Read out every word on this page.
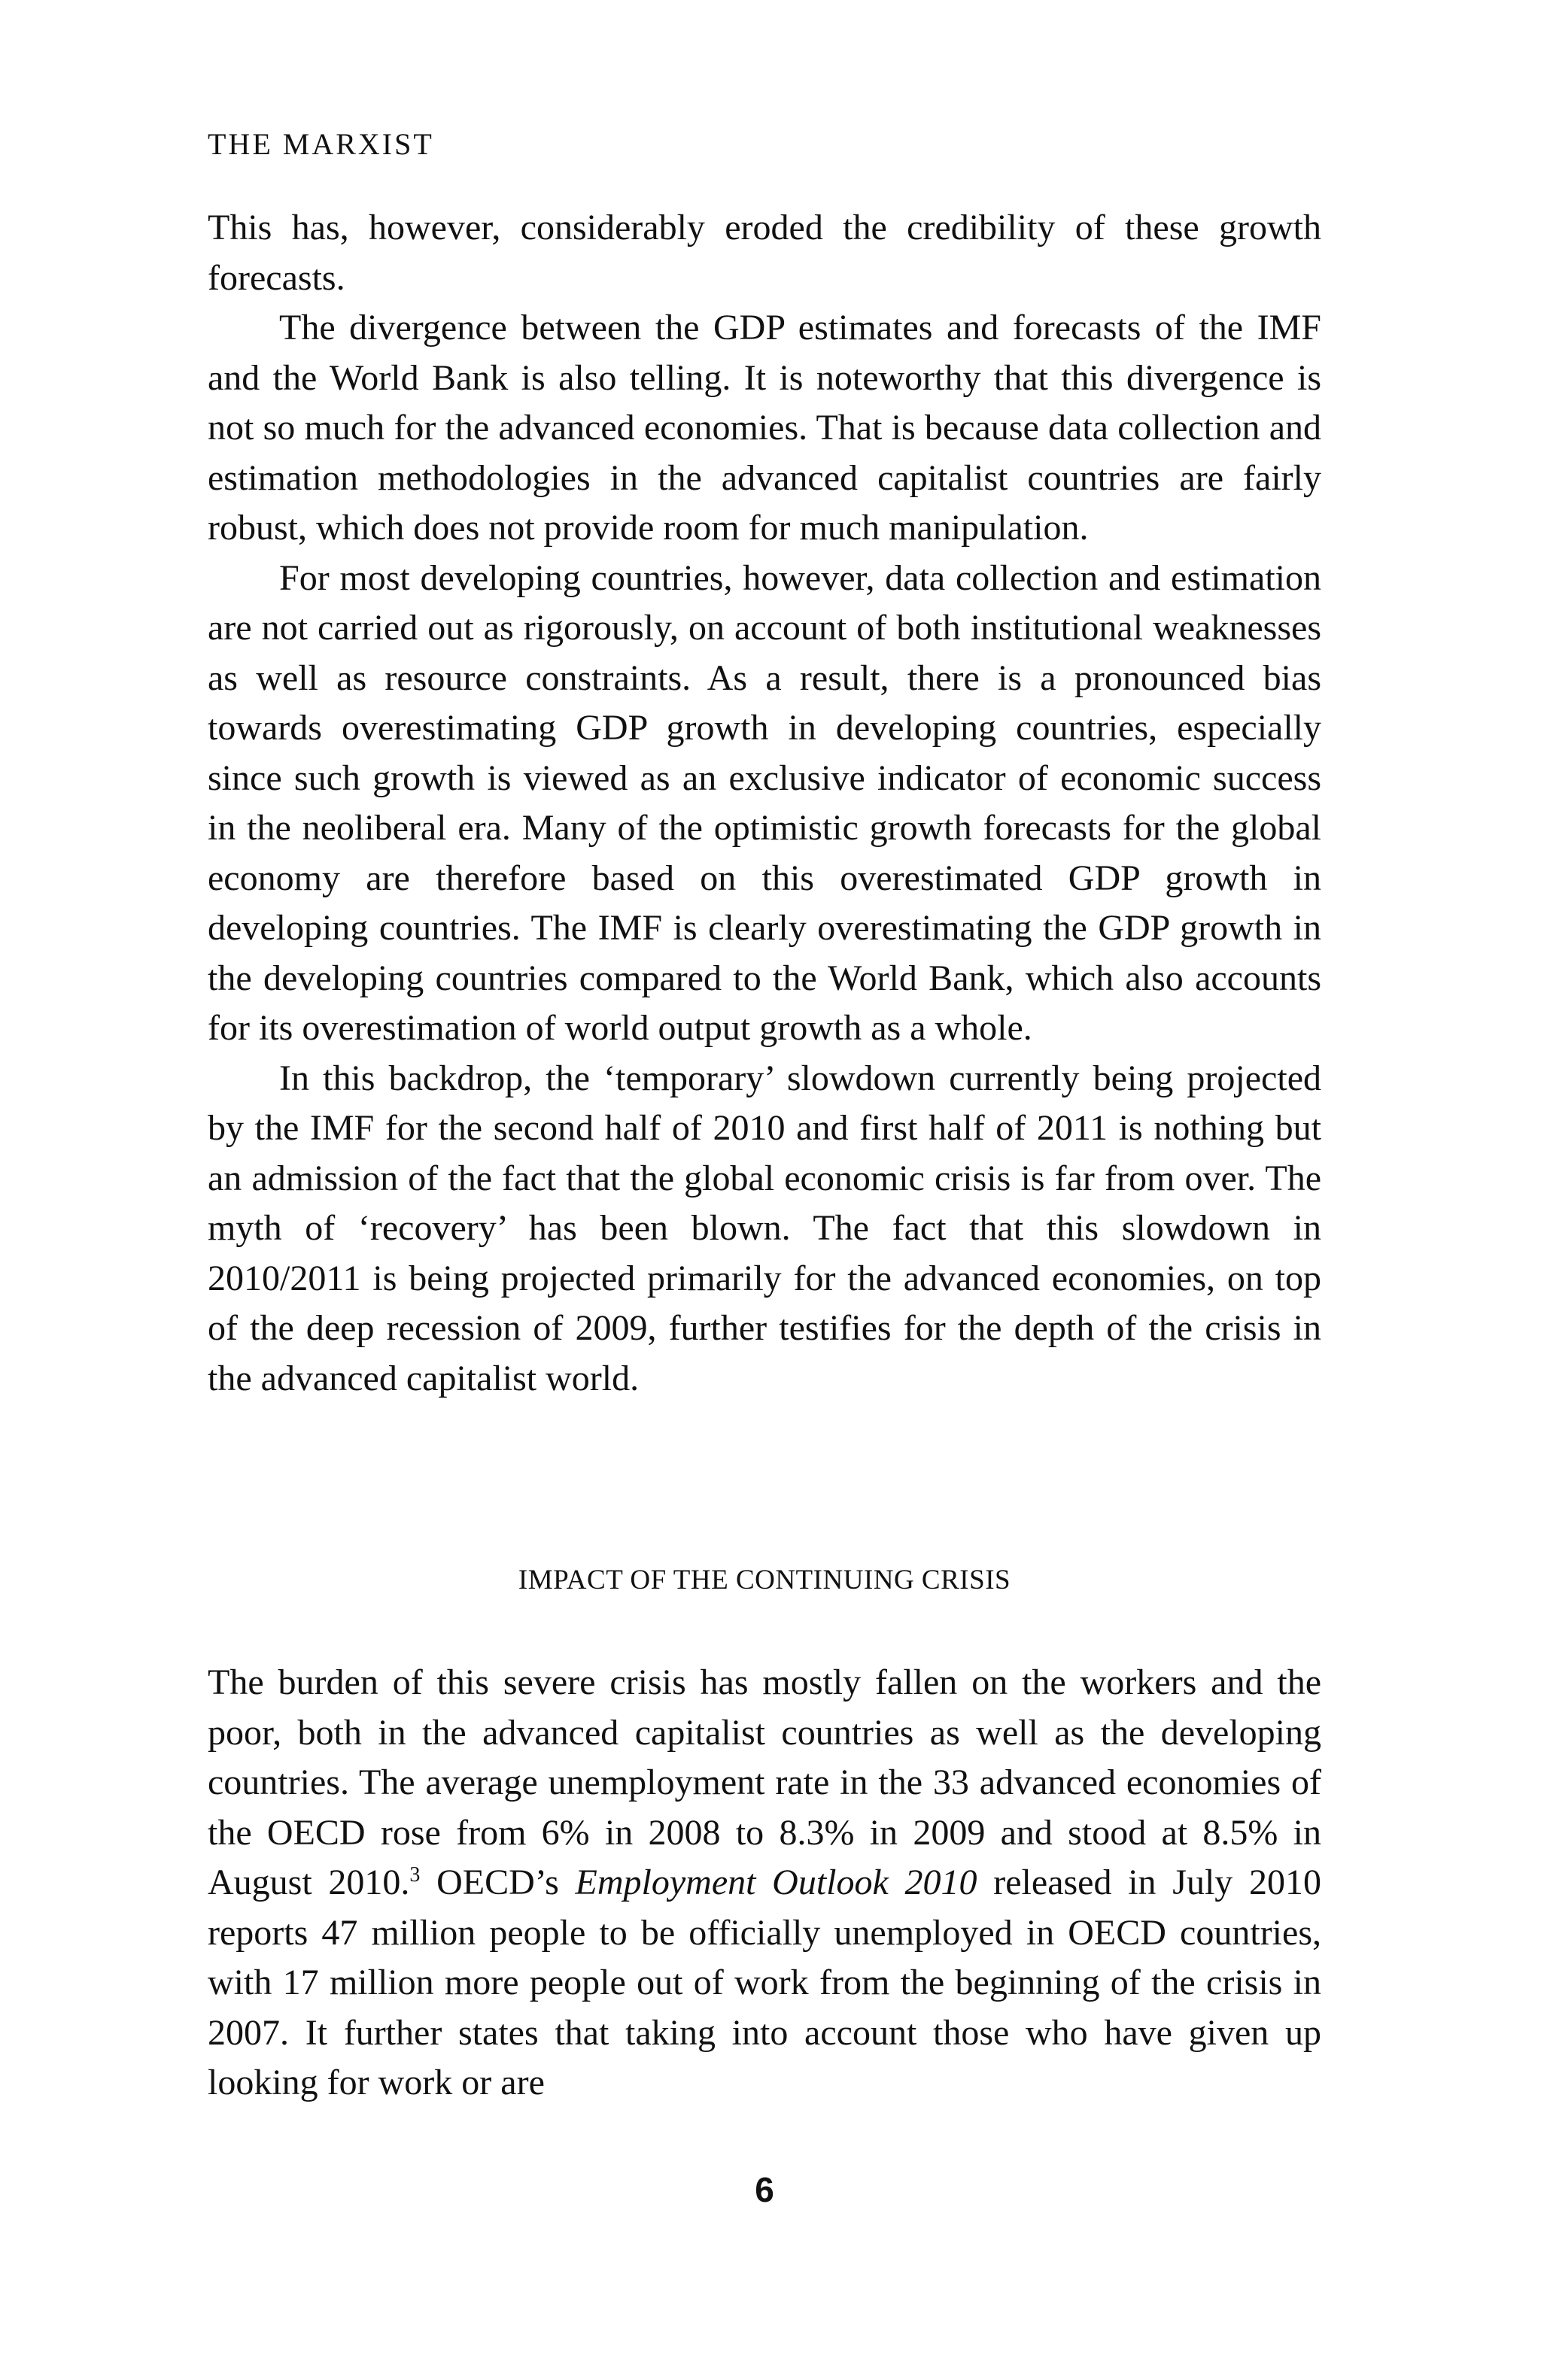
THE MARXIST

This has, however, considerably eroded the credibility of these growth forecasts.

The divergence between the GDP estimates and forecasts of the IMF and the World Bank is also telling. It is noteworthy that this divergence is not so much for the advanced economies. That is because data collection and estimation methodologies in the advanced capitalist countries are fairly robust, which does not provide room for much manipulation.

For most developing countries, however, data collection and estimation are not carried out as rigorously, on account of both institutional weaknesses as well as resource constraints. As a result, there is a pronounced bias towards overestimating GDP growth in developing countries, especially since such growth is viewed as an exclusive indicator of economic success in the neoliberal era. Many of the optimistic growth forecasts for the global economy are therefore based on this overestimated GDP growth in developing countries. The IMF is clearly overestimating the GDP growth in the developing countries compared to the World Bank, which also accounts for its overestimation of world output growth as a whole.

In this backdrop, the ‘temporary’ slowdown currently being projected by the IMF for the second half of 2010 and first half of 2011 is nothing but an admission of the fact that the global economic crisis is far from over. The myth of ‘recovery’ has been blown. The fact that this slowdown in 2010/2011 is being projected primarily for the advanced economies, on top of the deep recession of 2009, further testifies for the depth of the crisis in the advanced capitalist world.

IMPACT OF THE CONTINUING CRISIS

The burden of this severe crisis has mostly fallen on the workers and the poor, both in the advanced capitalist countries as well as the developing countries. The average unemployment rate in the 33 advanced economies of the OECD rose from 6% in 2008 to 8.3% in 2009 and stood at 8.5% in August 2010.$^3$ OECD’s Employment Outlook 2010 released in July 2010 reports 47 million people to be officially unemployed in OECD countries, with 17 million more people out of work from the beginning of the crisis in 2007. It further states that taking into account those who have given up looking for work or are

6
